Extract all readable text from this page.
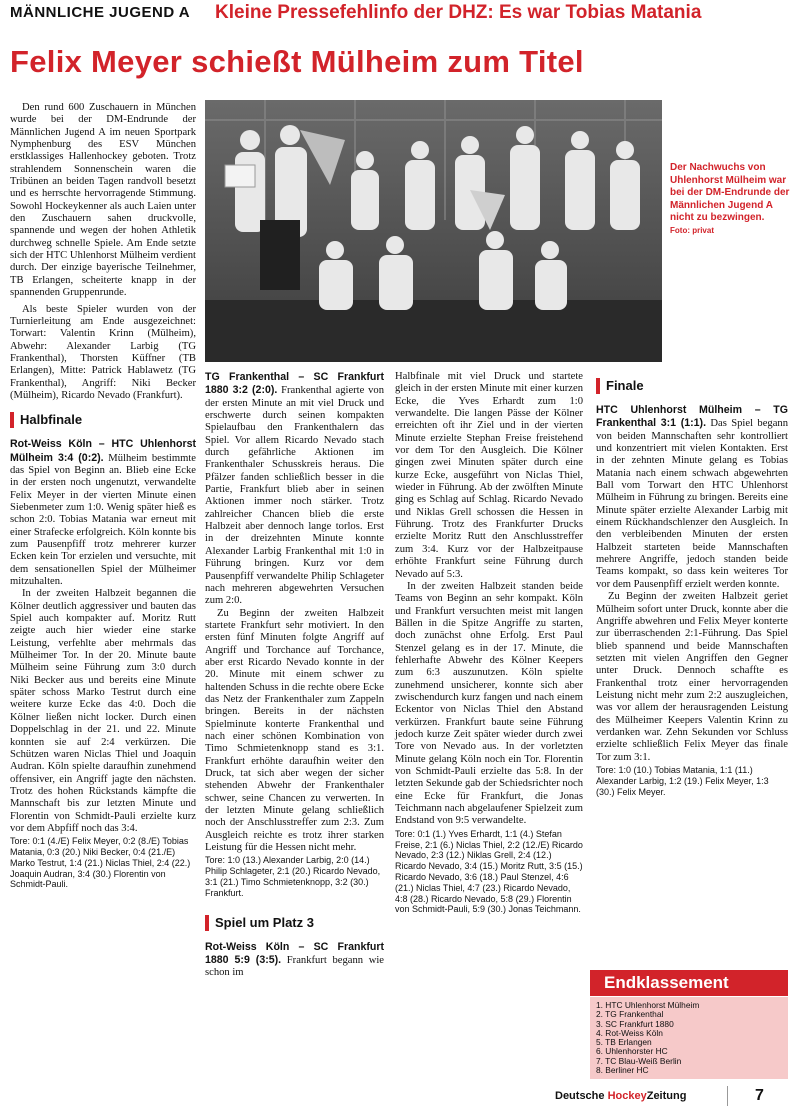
MÄNNLICHE JUGEND A Kleine Pressefehlinfo der DHZ: Es war Tobias Matania
Felix Meyer schießt Mülheim zum Titel

Den rund 600 Zuschauern in München wurde bei der DM-Endrunde der Männlichen Jugend A im neuen Sportpark Nymphenburg des ESV München erstklassiges Hallenhockey geboten. Trotz strahlendem Sonnenschein waren die Tribünen an beiden Tagen randvoll besetzt und es herrschte hervorragende Stimmung. Sowohl Hockeykenner als auch Laien unter den Zuschauern sahen druckvolle, spannende und wegen der hohen Athletik durchweg schnelle Spiele. Am Ende setzte sich der HTC Uhlenhorst Mülheim verdient durch. Der einzige bayerische Teilnehmer, TB Erlangen, scheiterte knapp in der spannenden Gruppenrunde.

Als beste Spieler wurden von der Turnierleitung am Ende ausgezeichnet: Torwart: Valentin Krinn (Mülheim), Abwehr: Alexander Larbig (TG Frankenthal), Thorsten Küffner (TB Erlangen), Mitte: Patrick Hablawetz (TG Frankenthal), Angriff: Niki Becker (Mülheim), Ricardo Nevado (Frankfurt).

Halbfinale

Rot-Weiss Köln – HTC Uhlenhorst Mülheim 3:4 (0:2). Mülheim bestimmte das Spiel von Beginn an. Blieb eine Ecke in der ersten noch ungenutzt, verwandelte Felix Meyer in der vierten Minute einen Siebenmeter zum 1:0. Wenig später hieß es schon 2:0. Tobias Matania war erneut mit einer Strafecke erfolgreich. Köln konnte bis zum Pausenpfiff trotz mehrerer kurzer Ecken kein Tor erzielen und versuchte, mit dem sensationellen Spiel der Mülheimer mitzuhalten.

In der zweiten Halbzeit begannen die Kölner deutlich aggressiver und bauten das Spiel auch kompakter auf. Moritz Rutt zeigte auch hier wieder eine starke Leistung, verfehlte aber mehrmals das Mülheimer Tor. In der 20. Minute baute Mülheim seine Führung zum 3:0 durch Niki Becker aus und bereits eine Minute später schoss Marko Testrut durch eine weitere kurze Ecke das 4:0. Doch die Kölner ließen nicht locker. Durch einen Doppelschlag in der 21. und 22. Minute konnten sie auf 2:4 verkürzen. Die Schützen waren Niclas Thiel und Joaquin Audran. Köln spielte daraufhin zunehmend offensiver, ein Angriff jagte den nächsten. Trotz des hohen Rückstands kämpfte die Mannschaft bis zur letzten Minute und Florentin von Schmidt-Pauli erzielte kurz vor dem Abpfiff noch das 3:4.

Tore: 0:1 (4./E) Felix Meyer, 0:2 (8./E) Tobias Matania, 0:3 (20.) Niki Becker, 0:4 (21./E) Marko Testrut, 1:4 (21.) Niclas Thiel, 2:4 (22.) Joaquin Audran, 3:4 (30.) Florentin von Schmidt-Pauli.

Der Nachwuchs von Uhlenhorst Mülheim war bei der DM-Endrunde der Männlichen Jugend A nicht zu bezwingen.
Foto: privat

TG Frankenthal – SC Frankfurt 1880 3:2 (2:0). Frankenthal agierte von der ersten Minute an mit viel Druck und erschwerte durch seinen kompakten Spielaufbau den Frankenthalern das Spiel. Vor allem Ricardo Nevado stach durch gefährliche Aktionen im Frankenthaler Schusskreis heraus. Die Pfälzer fanden schließlich besser in die Partie, Frankfurt blieb aber in seinen Aktionen immer noch stärker. Trotz zahlreicher Chancen blieb die erste Halbzeit aber dennoch lange torlos. Erst in der dreizehnten Minute konnte Alexander Larbig Frankenthal mit 1:0 in Führung bringen. Kurz vor dem Pausenpfiff verwandelte Philip Schlageter nach mehreren abgewehrten Versuchen zum 2:0.

Zu Beginn der zweiten Halbzeit startete Frankfurt sehr motiviert. In den ersten fünf Minuten folgte Angriff auf Angriff und Torchance auf Torchance, aber erst Ricardo Nevado konnte in der 20. Minute mit einem schwer zu haltenden Schuss in die rechte obere Ecke das Netz der Frankenthaler zum Zappeln bringen. Bereits in der nächsten Spielminute konterte Frankenthal und nach einer schönen Kombination von Timo Schmietenknopp stand es 3:1. Frankfurt erhöhte daraufhin weiter den Druck, tat sich aber wegen der sicher stehenden Abwehr der Frankenthaler schwer, seine Chancen zu verwerten. In der letzten Minute gelang schließlich noch der Anschlusstreffer zum 2:3. Zum Ausgleich reichte es trotz ihrer starken Leistung für die Hessen nicht mehr.

Tore: 1:0 (13.) Alexander Larbig, 2:0 (14.) Philip Schlageter, 2:1 (20.) Ricardo Nevado, 3:1 (21.) Timo Schmietenknopp, 3:2 (30.) Frankfurt.

Spiel um Platz 3

Rot-Weiss Köln – SC Frankfurt 1880 5:9 (3:5). Frankfurt begann wie schon im

Halbfinale mit viel Druck und startete gleich in der ersten Minute mit einer kurzen Ecke, die Yves Erhardt zum 1:0 verwandelte. Die langen Pässe der Kölner erreichten oft ihr Ziel und in der vierten Minute erzielte Stephan Freise freistehend vor dem Tor den Ausgleich. Die Kölner gingen zwei Minuten später durch eine kurze Ecke, ausgeführt von Niclas Thiel, wieder in Führung. Ab der zwölften Minute ging es Schlag auf Schlag. Ricardo Nevado und Niklas Grell schossen die Hessen in Führung. Trotz des Frankfurter Drucks erzielte Moritz Rutt den Anschlusstreffer zum 3:4. Kurz vor der Halbzeitpause erhöhte Frankfurt seine Führung durch Nevado auf 5:3.

In der zweiten Halbzeit standen beide Teams von Beginn an sehr kompakt. Köln und Frankfurt versuchten meist mit langen Bällen in die Spitze Angriffe zu starten, doch zunächst ohne Erfolg. Erst Paul Stenzel gelang es in der 17. Minute, die fehlerhafte Abwehr des Kölner Keepers zum 6:3 auszunutzen. Köln spielte zunehmend unsicherer, konnte sich aber zwischendurch kurz fangen und nach einem Eckentor von Niclas Thiel den Abstand verkürzen. Frankfurt baute seine Führung jedoch kurze Zeit später wieder durch zwei Tore von Nevado aus. In der vorletzten Minute gelang Köln noch ein Tor. Florentin von Schmidt-Pauli erzielte das 5:8. In der letzten Sekunde gab der Schiedsrichter noch eine Ecke für Frankfurt, die Jonas Teichmann nach abgelaufener Spielzeit zum Endstand von 9:5 verwandelte.

Tore: 0:1 (1.) Yves Erhardt, 1:1 (4.) Stefan Freise, 2:1 (6.) Niclas Thiel, 2:2 (12./E) Ricardo Nevado, 2:3 (12.) Niklas Grell, 2:4 (12.) Ricardo Nevado, 3:4 (15.) Moritz Rutt, 3:5 (15.) Ricardo Nevado, 3:6 (18.) Paul Stenzel, 4:6 (21.) Niclas Thiel, 4:7 (23.) Ricardo Nevado, 4:8 (28.) Ricardo Nevado, 5:8 (29.) Florentin von Schmidt-Pauli, 5:9 (30.) Jonas Teichmann.

Finale

HTC Uhlenhorst Mülheim – TG Frankenthal 3:1 (1:1). Das Spiel begann von beiden Mannschaften sehr kontrolliert und konzentriert mit vielen Kontakten. Erst in der zehnten Minute gelang es Tobias Matania nach einem schwach abgewehrten Ball vom Torwart den HTC Uhlenhorst Mülheim in Führung zu bringen. Bereits eine Minute später erzielte Alexander Larbig mit einem Rückhandschlenzer den Ausgleich. In den verbleibenden Minuten der ersten Halbzeit starteten beide Mannschaften mehrere Angriffe, jedoch standen beide Teams kompakt, so dass kein weiteres Tor vor dem Pausenpfiff erzielt werden konnte.

Zu Beginn der zweiten Halbzeit geriet Mülheim sofort unter Druck, konnte aber die Angriffe abwehren und Felix Meyer konterte zur überraschenden 2:1-Führung. Das Spiel blieb spannend und beide Mannschaften setzten mit vielen Angriffen den Gegner unter Druck. Dennoch schaffte es Frankenthal trotz einer hervorragenden Leistung nicht mehr zum 2:2 auszugleichen, was vor allem der herausragenden Leistung des Mülheimer Keepers Valentin Krinn zu verdanken war. Zehn Sekunden vor Schluss erzielte schließlich Felix Meyer das finale Tor zum 3:1.

Tore: 1:0 (10.) Tobias Matania, 1:1 (11.) Alexander Larbig, 1:2 (19.) Felix Meyer, 1:3 (30.) Felix Meyer.

Endklassement
1. HTC Uhlenhorst Mülheim
2. TG Frankenthal
3. SC Frankfurt 1880
4. Rot-Weiss Köln
5. TB Erlangen
6. Uhlenhorster HC
7. TC Blau-Weiß Berlin
8. Berliner HC
Deutsche HockeyZeitung	7
